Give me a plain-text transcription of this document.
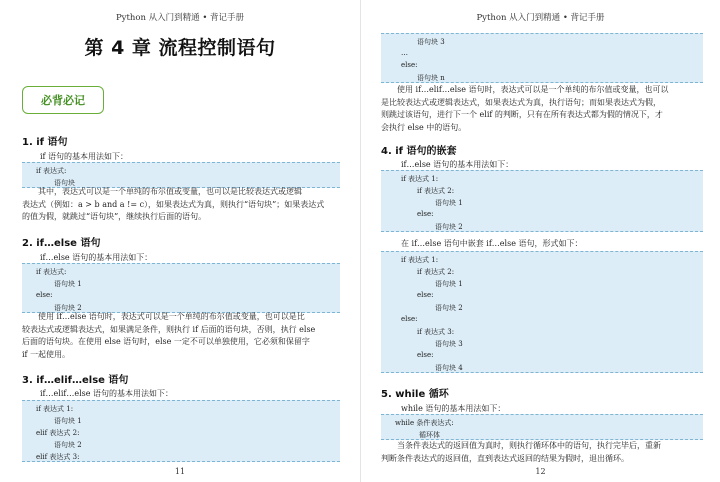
Python 从入门到精通 • 背记手册
第 4 章 流程控制语句
必背必记
1. if 语句
if 语句的基本用法如下：
if 表达式:
语句块
其中，表达式可以是一个单纯的布尔值或变量，也可以是比较表达式或逻辑
表达式（例如：a > b and a != c），如果表达式为真，则执行“语句块”；如果表达式
的值为假，就跳过“语句块”，继续执行后面的语句。
2. if…else 语句
if…else 语句的基本用法如下：
if 表达式:
语句块 1
else:
语句块 2
使用 if…else 语句时，表达式可以是一个单纯的布尔值或变量，也可以是比
较表达式或逻辑表达式，如果满足条件，则执行 if 后面的语句块，否则，执行 else
后面的语句块。在使用 else 语句时，else 一定不可以单独使用，它必须和保留字
if 一起使用。
3. if…elif…else 语句
if…elif…else 语句的基本用法如下：
if 表达式 1:
语句块 1
elif 表达式 2:
语句块 2
elif 表达式 3:
11
Python 从入门到精通 • 背记手册
语句块 3
…
else:
语句块 n
使用 if…elif…else 语句时，表达式可以是一个单纯的布尔值或变量，也可以
是比较表达式或逻辑表达式，如果表达式为真，执行语句；而如果表达式为假，
则跳过该语句，进行下一个 elif 的判断，只有在所有表达式都为假的情况下，才
会执行 else 中的语句。
4. if 语句的嵌套
if…else 语句的基本用法如下：
if 表达式 1:
if 表达式 2:
语句块 1
else:
语句块 2
在 if…else 语句中嵌套 if…else 语句，形式如下：
if 表达式 1:
if 表达式 2:
语句块 1
else:
语句块 2
else:
if 表达式 3:
语句块 3
else:
语句块 4
5. while 循环
while 语句的基本用法如下：
while 条件表达式:
循环体
当条件表达式的返回值为真时，则执行循环体中的语句，执行完毕后，重新
判断条件表达式的返回值，直到表达式返回的结果为假时，退出循环。
12
